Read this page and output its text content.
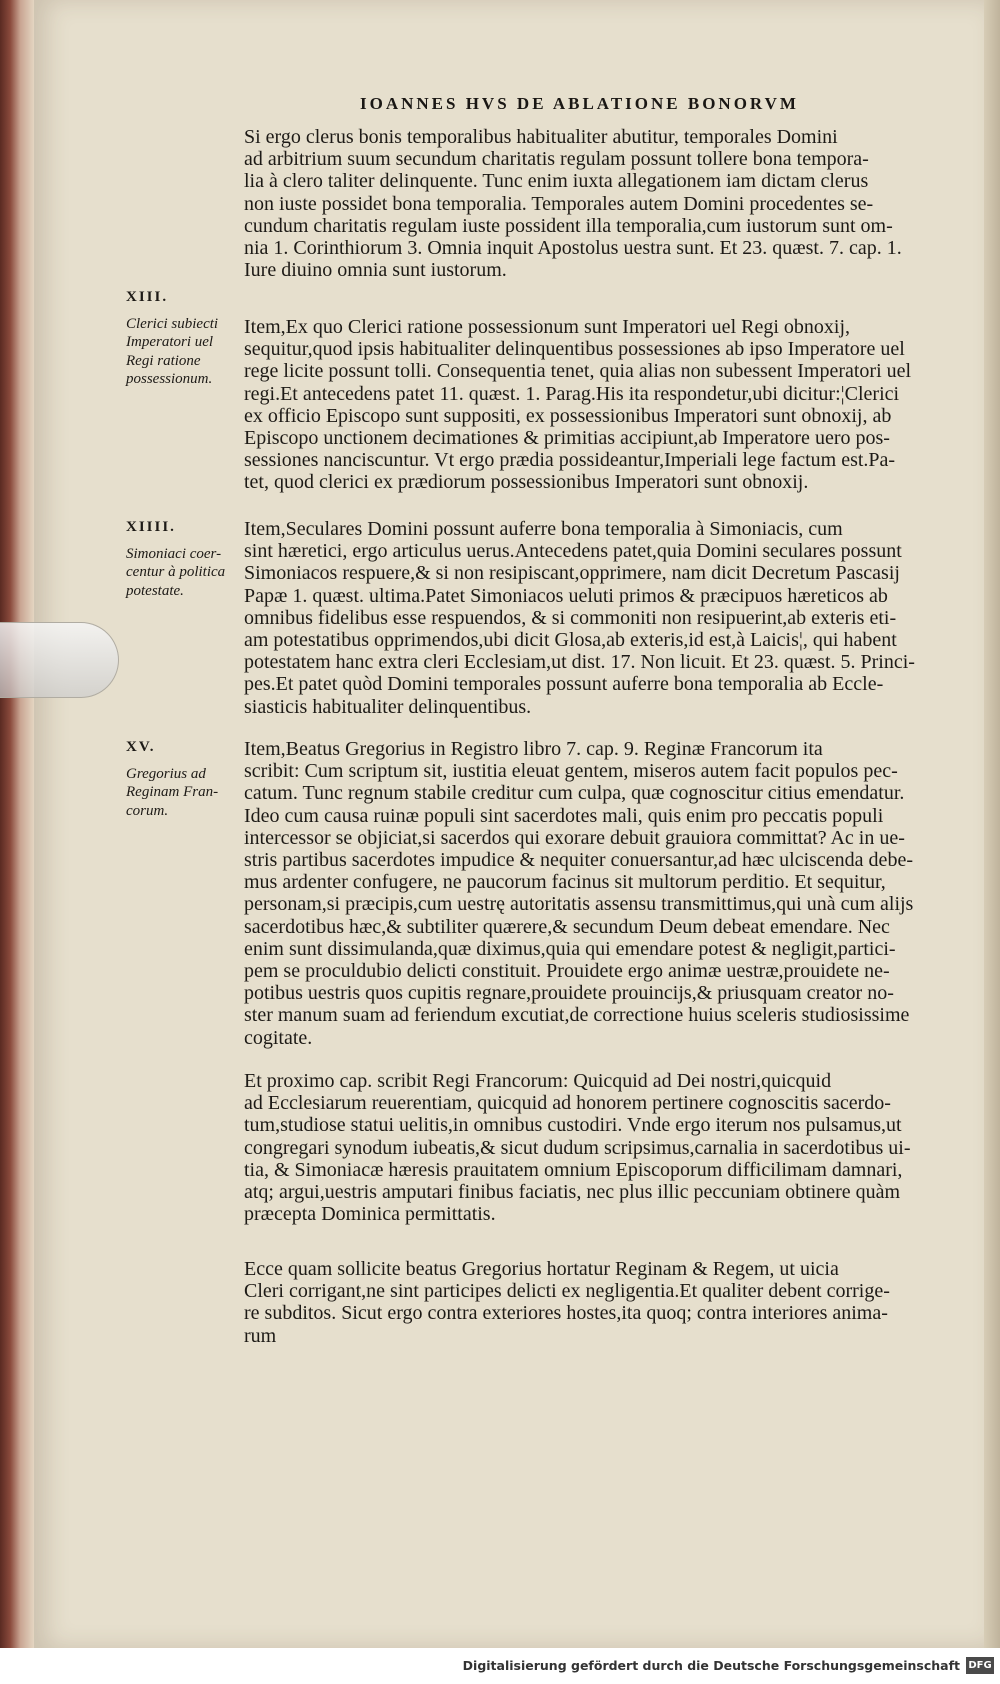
IOANNES HVS DE ABLATIONE BONORVM
Si ergo clerus bonis temporalibus habitualiter abutitur, temporales Domini
ad arbitrium suum secundum charitatis regulam possunt tollere bona tempora-
lia à clero taliter delinquente. Tunc enim iuxta allegationem iam dictam clerus
non iuste possidet bona temporalia. Temporales autem Domini procedentes se-
cundum charitatis regulam iuste possident illa temporalia,cum iustorum sunt om-
nia 1. Corinthiorum 3. Omnia inquit Apostolus uestra sunt. Et 23. quæst. 7. cap. 1.
Iure diuino omnia sunt iustorum.
Item,Ex quo Clerici ratione possessionum sunt Imperatori uel Regi obnoxij,
sequitur,quod ipsis habitualiter delinquentibus possessiones ab ipso Imperatore uel
rege licite possunt tolli. Consequentia tenet, quia alias non subessent Imperatori uel
regi.Et antecedens patet 11. quæst. 1. Parag.His ita respondetur,ubi dicitur:¦Clerici
ex officio Episcopo sunt suppositi, ex possessionibus Imperatori sunt obnoxij, ab
Episcopo unctionem decimationes & primitias accipiunt,ab Imperatore uero pos-
sessiones nanciscuntur. Vt ergo prædia possideantur,Imperiali lege factum est.Pa-
tet, quod clerici ex prædiorum possessionibus Imperatori sunt obnoxij.
XIII.
Clerici subiecti
Imperatori uel
Regi ratione
possessionum.
Item,Seculares Domini possunt auferre bona temporalia à Simoniacis, cum
sint hæretici, ergo articulus uerus.Antecedens patet,quia Domini seculares possunt
Simoniacos respuere,& si non resipiscant,opprimere, nam dicit Decretum Pascasij
Papæ 1. quæst. ultima.Patet Simoniacos ueluti primos & præcipuos hæreticos ab
omnibus fidelibus esse respuendos, & si commoniti non resipuerint,ab exteris eti-
am potestatibus opprimendos,ubi dicit Glosa,ab exteris,id est,à Laicis¦, qui habent
potestatem hanc extra cleri Ecclesiam,ut dist. 17. Non licuit. Et 23. quæst. 5. Princi-
pes.Et patet quòd Domini temporales possunt auferre bona temporalia ab Eccle-
siasticis habitualiter delinquentibus.
XIIII.
Simoniaci coer-
centur à politica
potestate.
Item,Beatus Gregorius in Registro libro 7. cap. 9. Reginæ Francorum ita
scribit: Cum scriptum sit, iustitia eleuat gentem, miseros autem facit populos pec-
catum. Tunc regnum stabile creditur cum culpa, quæ cognoscitur citius emendatur.
Ideo cum causa ruinæ populi sint sacerdotes mali, quis enim pro peccatis populi
intercessor se objiciat,si sacerdos qui exorare debuit grauiora committat? Ac in ue-
stris partibus sacerdotes impudice & nequiter conuersantur,ad hæc ulciscenda debe-
mus ardenter confugere, ne paucorum facinus sit multorum perditio. Et sequitur,
personam,si præcipis,cum uestrę autoritatis assensu transmittimus,qui unà cum alijs
sacerdotibus hæc,& subtiliter quærere,& secundum Deum debeat emendare. Nec
enim sunt dissimulanda,quæ diximus,quia qui emendare potest & negligit,partici-
pem se proculdubio delicti constituit. Prouidete ergo animæ uestræ,prouidete ne-
potibus uestris quos cupitis regnare,prouidete prouincijs,& priusquam creator no-
ster manum suam ad feriendum excutiat,de correctione huius sceleris studiosissime
cogitate.
XV.
Gregorius ad
Reginam Fran-
corum.
Et proximo cap. scribit Regi Francorum: Quicquid ad Dei nostri,quicquid
ad Ecclesiarum reuerentiam, quicquid ad honorem pertinere cognoscitis sacerdo-
tum,studiose statui uelitis,in omnibus custodiri. Vnde ergo iterum nos pulsamus,ut
congregari synodum iubeatis,& sicut dudum scripsimus,carnalia in sacerdotibus ui-
tia, & Simoniacæ hæresis prauitatem omnium Episcoporum difficilimam damnari,
atq; argui,uestris amputari finibus faciatis, nec plus illic peccuniam obtinere quàm
præcepta Dominica permittatis.
Ecce quam sollicite beatus Gregorius hortatur Reginam & Regem, ut uicia
Cleri corrigant,ne sint participes delicti ex negligentia.Et qualiter debent corrige-
re subditos. Sicut ergo contra exteriores hostes,ita quoq; contra interiores anima-
rum
Digitalisierung gefördert durch die Deutsche Forschungsgemeinschaft DFG
